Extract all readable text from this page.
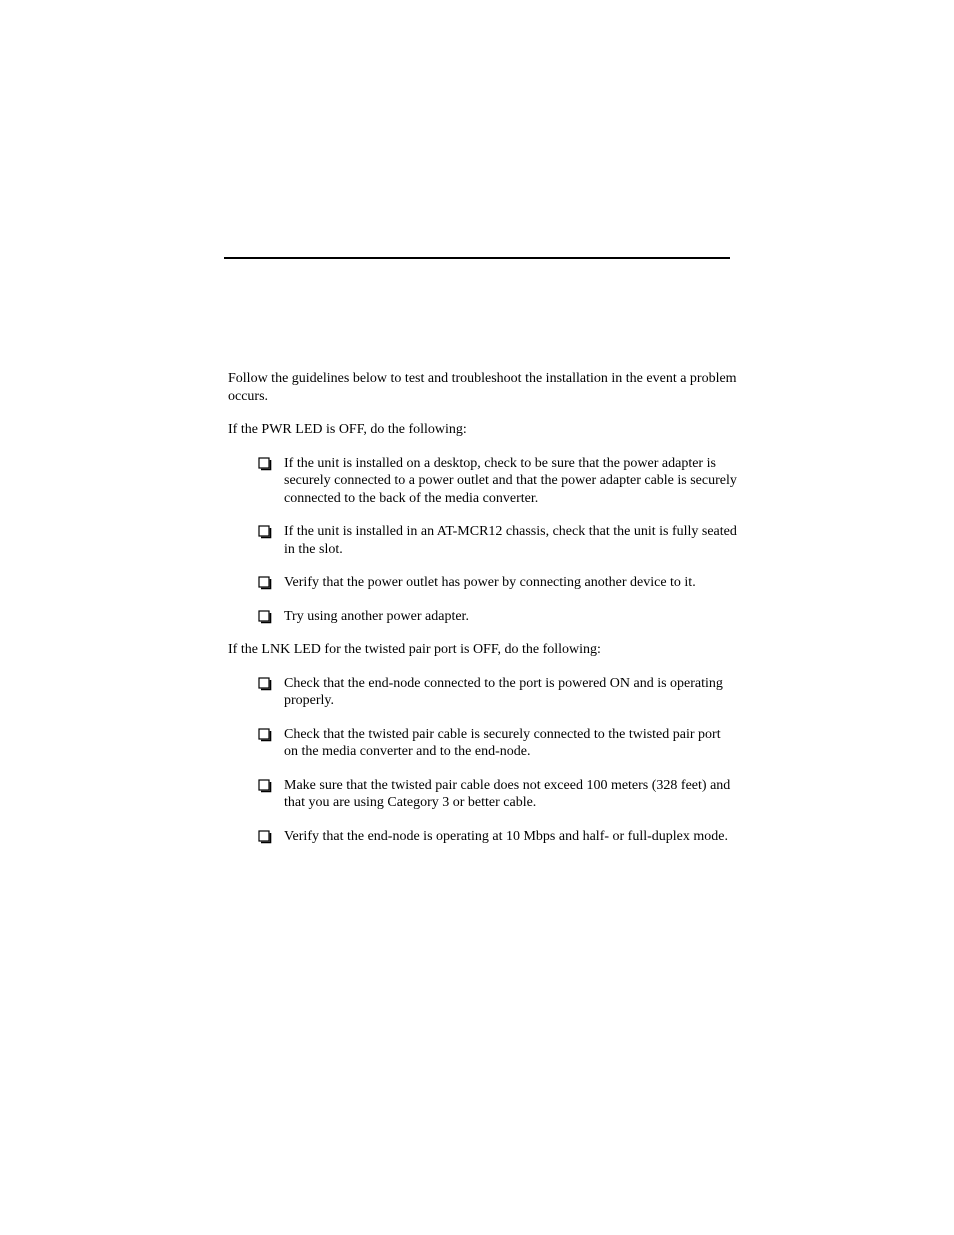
Follow the guidelines below to test and troubleshoot the installation in the event a problem occurs.

If the PWR LED is OFF, do the following:

If the unit is installed on a desktop, check to be sure that the power adapter is securely connected to a power outlet and that the power adapter cable is securely connected to the back of the media converter.
If the unit is installed in an AT-MCR12 chassis, check that the unit is fully seated in the slot.
Verify that the power outlet has power by connecting another device to it.
Try using another power adapter.

If the LNK LED for the twisted pair port is OFF, do the following:

Check that the end-node connected to the port is powered ON and is operating properly.
Check that the twisted pair cable is securely connected to the twisted pair port on the media converter and to the end-node.
Make sure that the twisted pair cable does not exceed 100 meters (328 feet) and that you are using Category 3 or better cable.
Verify that the end-node is operating at 10 Mbps and half- or full-duplex mode.
